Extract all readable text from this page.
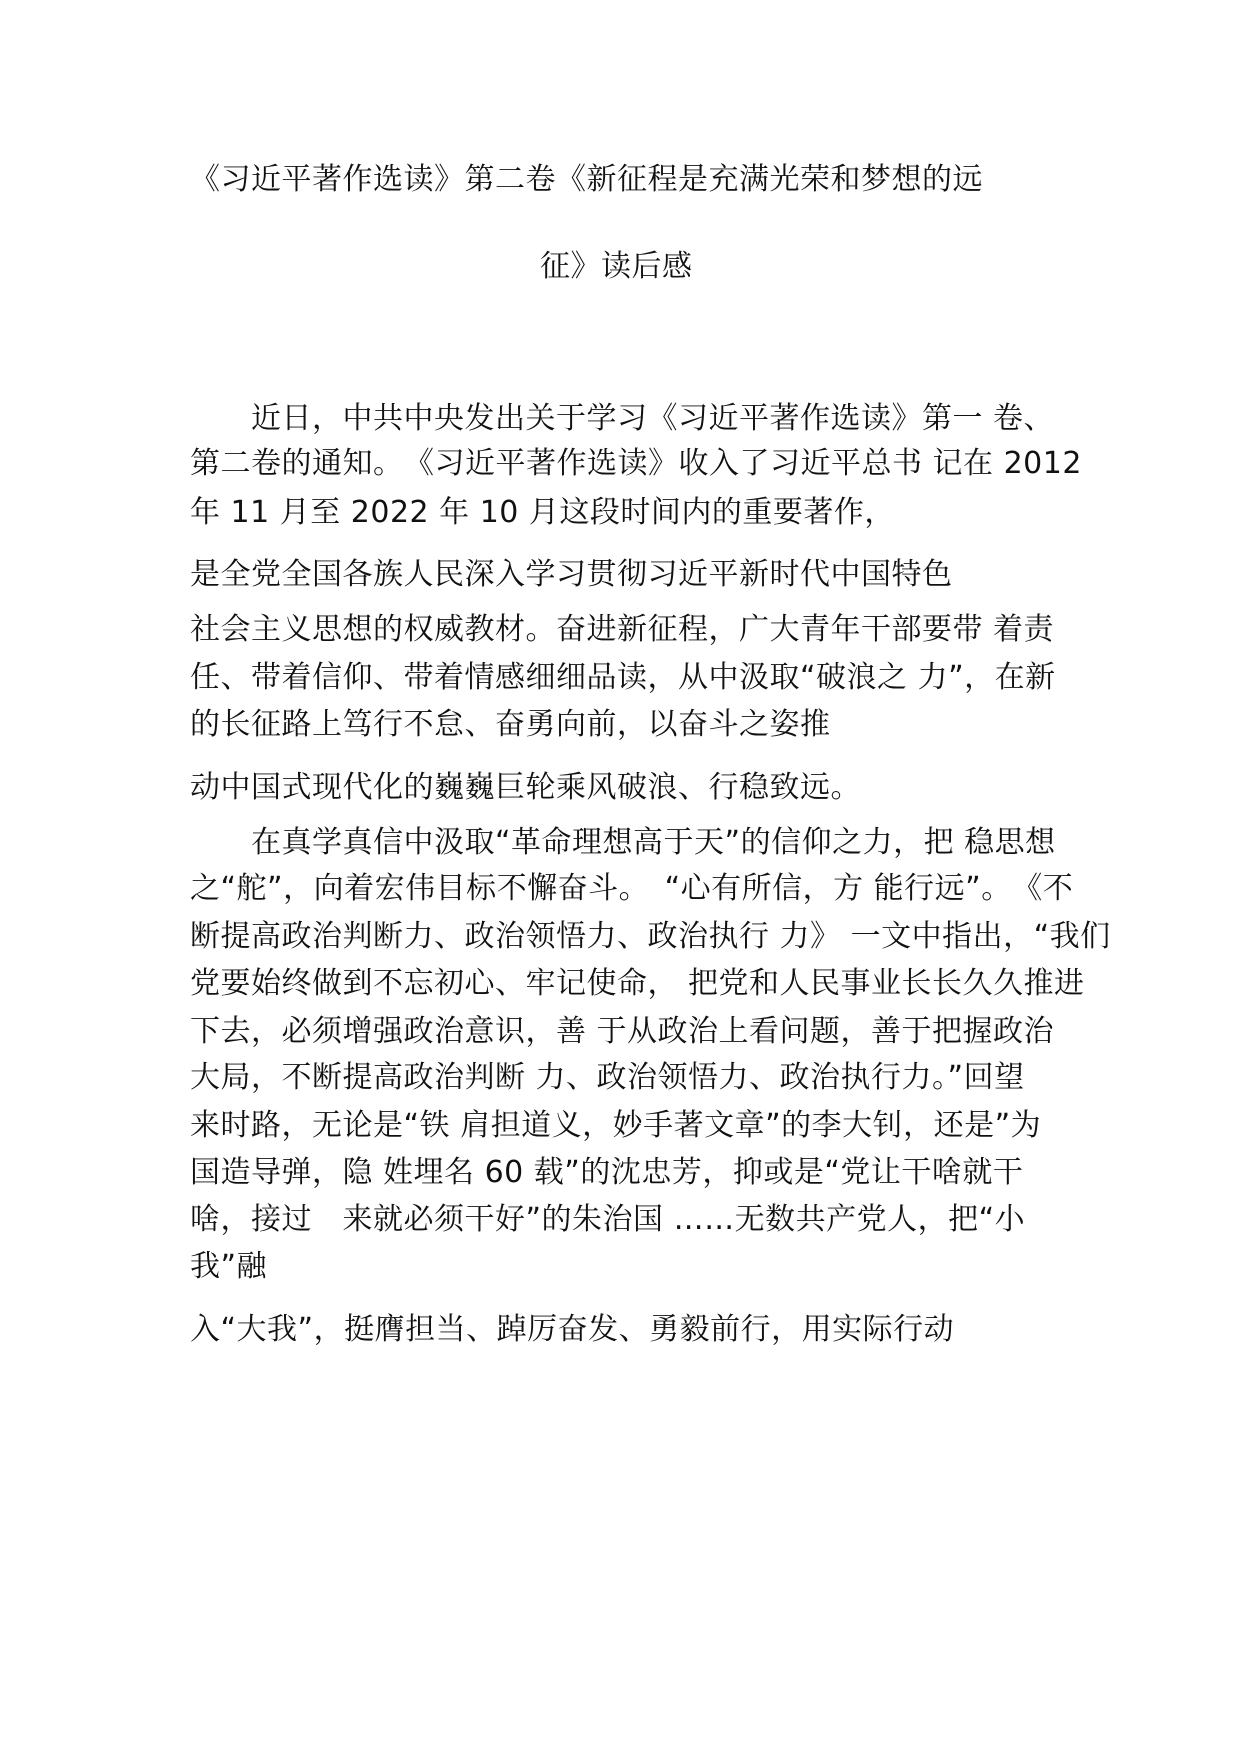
《习近平著作选读》第二卷《新征程是充满光荣和梦想的远
征》读后感
　　近日，中共中央发出关于学习《习近平著作选读》第一 卷、
第二卷的通知。　《习近平著作选读》收入了习近平总书 记在 2012
年 11 月至 2022 年 10 月这段时间内的重要著作，
是全党全国各族人民深入学习贯彻习近平新时代中国特色
社会主义思想的权威教材。奋进新征程，广大青年干部要带 着责
任、带着信仰、带着情感细细品读，从中汲取“破浪之 力”，在新
的长征路上笃行不怠、奋勇向前，以奋斗之姿推
动中国式现代化的巍巍巨轮乘风破浪、行稳致远。
　　在真学真信中汲取“革命理想高于天”的信仰之力，把 稳思想
之“舵”，向着宏伟目标不懈奋斗。　“心有所信，方 能行远”。　《不
断提高政治判断力、政治领悟力、政治执行 力》 一文中指出，“我们
党要始终做到不忘初心、牢记使命， 把党和人民事业长长久久推进
下去，必须增强政治意识，善 于从政治上看问题，善于把握政治
大局，不断提高政治判断 力、政治领悟力、政治执行力。”回望
来时路，无论是“铁 肩担道义，妙手著文章”的李大钊，还是”为
国造导弹，隐 姓埋名 60 载”的沈忠芳，抑或是“党让干啥就干
啥，接过　来就必须干好”的朱治国 ……无数共产党人，把“小
我”融
入“大我”，挺膺担当、踔厉奋发、勇毅前行，用实际行动
